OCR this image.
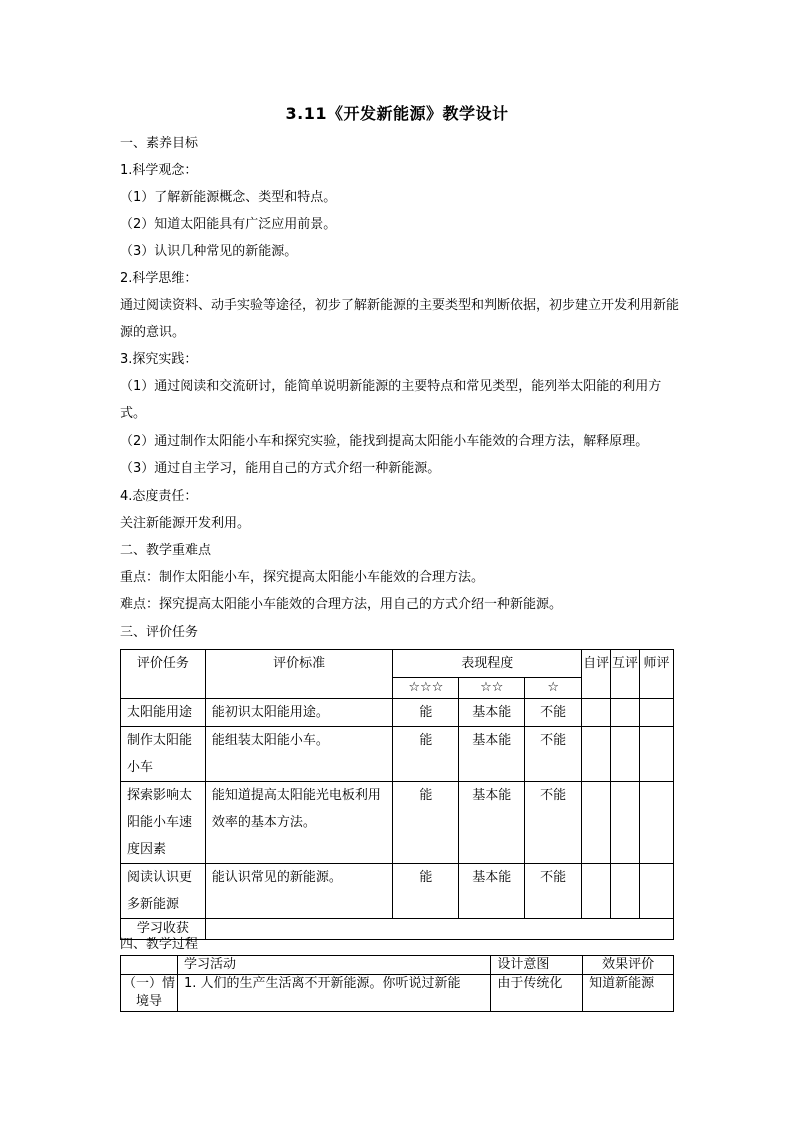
3.11《开发新能源》教学设计
一、素养目标
1.科学观念：
（1）了解新能源概念、类型和特点。
（2）知道太阳能具有广泛应用前景。
（3）认识几种常见的新能源。
2.科学思维：
通过阅读资料、动手实验等途径，初步了解新能源的主要类型和判断依据，初步建立开发利用新能源的意识。
3.探究实践：
（1）通过阅读和交流研讨，能简单说明新能源的主要特点和常见类型，能列举太阳能的利用方式。
（2）通过制作太阳能小车和探究实验，能找到提高太阳能小车能效的合理方法，解释原理。
（3）通过自主学习，能用自己的方式介绍一种新能源。
4.态度责任：
关注新能源开发利用。
二、教学重难点
重点：制作太阳能小车，探究提高太阳能小车能效的合理方法。
难点：探究提高太阳能小车能效的合理方法，用自己的方式介绍一种新能源。
三、评价任务
评价任务	评价标准	表现程度			自评	互评	师评
		☆☆☆	☆☆	☆			
太阳能用途	能初识太阳能用途。	能	基本能	不能			
制作太阳能小车	能组装太阳能小车。	能	基本能	不能			
探索影响太阳能小车速度因素	能知道提高太阳能光电板利用效率的基本方法。	能	基本能	不能			
阅读认识更多新能源	能认识常见的新能源。	能	基本能	不能			
学习收获							
四、教学过程
	学习活动	设计意图	效果评价
（一）情境导	1. 人们的生产生活离不开新能源。你听说过新能	由于传统化	知道新能源
